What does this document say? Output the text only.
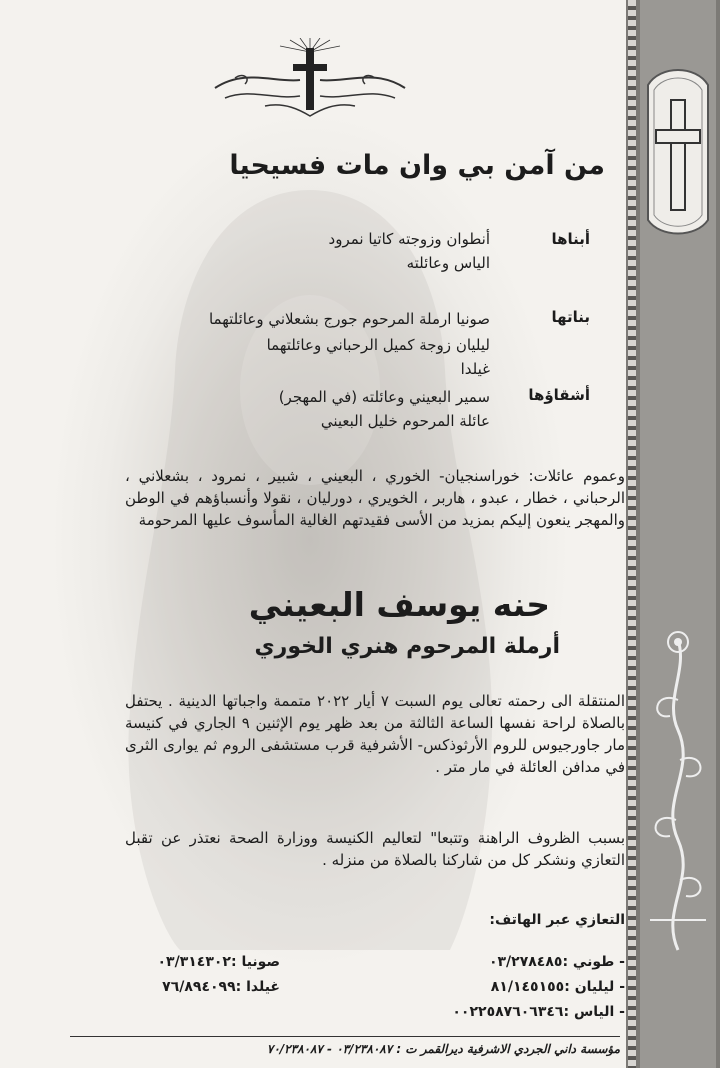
من آمن بي وان مات فسيحيا
أبناها
أنطوان وزوجته كاتيا نمرود
الياس وعائلته
بناتها
صونيا ارملة المرحوم جورج بشعلاني وعائلتهما
ليليان زوجة كميل الرحباني وعائلتهما
غيلدا
أشقاؤها
سمير البعيني وعائلته (في المهجر)
عائلة المرحوم خليل البعيني
وعموم عائلات: خوراسنجيان- الخوري ، البعيني ، شبير ، نمرود ، بشعلاني ، الرحباني ، خطار ، عبدو ، هاربر ، الخويري ، دورليان ، نقولا وأنسباؤهم في الوطن والمهجر ينعون إليكم بمزيد من الأسى فقيدتهم الغالية المأسوف عليها المرحومة
حنه يوسف البعيني
أرملة المرحوم هنري الخوري
المنتقلة الى رحمته تعالى يوم السبت ٧ أيار ٢٠٢٢ متممة واجباتها الدينية . يحتفل بالصلاة لراحة نفسها الساعة الثالثة من بعد ظهر يوم الإثنين ٩ الجاري في كنيسة مار جاورجيوس للروم الأرثوذكس- الأشرفية قرب مستشفى الروم ثم يوارى الثرى في مدافن العائلة في مار متر .
بسبب الظروف الراهنة وتتبعا" لتعاليم الكنيسة ووزارة الصحة نعتذر عن تقبل التعازي ونشكر كل من شاركنا بالصلاة من منزله .
التعازي عبر الهاتف:
- طوني :٠٣/٢٧٨٤٨٥
- ليليان :٨١/١٤٥١٥٥
- الياس :٠٠٢٢٥٨٧٦٠٦٣٤٦
صونيا :٠٣/٣١٤٣٠٢
غيلدا :٧٦/٨٩٤٠٩٩
مؤسسة داني الجردي الاشرفية ديرالقمر ت : ٠٣/٢٣٨٠٨٧ - ٧٠/٢٣٨٠٨٧
